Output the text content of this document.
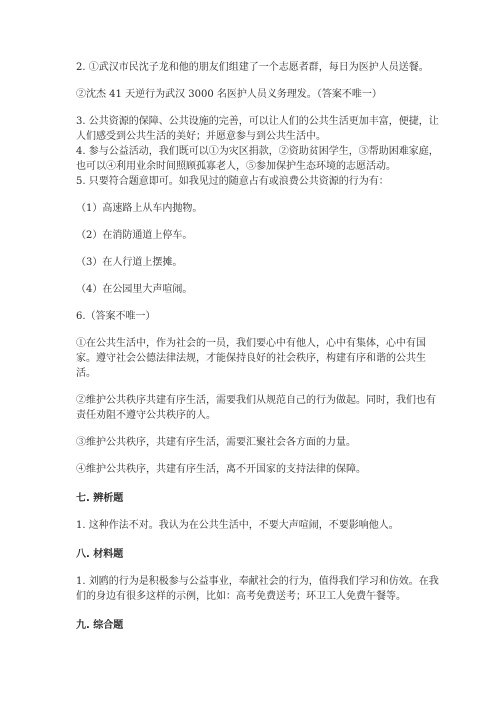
2. ①武汉市民沈子龙和他的朋友们组建了一个志愿者群，每日为医护人员送餐。

②沈杰 41 天逆行为武汉 3000 名医护人员义务理发。（答案不唯一）

3. 公共资源的保障、公共设施的完善，可以让人们的公共生活更加丰富，便捷，让人们感受到公共生活的美好；并愿意参与到公共生活中。

4. 参与公益活动，我们既可以①为灾区捐款，②资助贫困学生，③帮助困难家庭，也可以④利用业余时间照顾孤寡老人，⑤参加保护生态环境的志愿活动。

5. 只要符合题意即可。如我见过的随意占有或浪费公共资源的行为有：

（1）高速路上从车内抛物。

（2）在消防通道上停车。

（3）在人行道上摆摊。

（4）在公园里大声喧闹。

6.（答案不唯一）

①在公共生活中，作为社会的一员，我们要心中有他人，心中有集体，心中有国家。遵守社会公德法律法规，才能保持良好的社会秩序，构建有序和谐的公共生活。

②维护公共秩序共建有序生活，需要我们从规范自己的行为做起。同时，我们也有责任劝阻不遵守公共秩序的人。

③维护公共秩序，共建有序生活，需要汇聚社会各方面的力量。

④维护公共秩序，共建有序生活，离不开国家的支持法律的保障。

七. 辨析题

1. 这种作法不对。我认为在公共生活中，不要大声喧闹，不要影响他人。

八. 材料题

1. 刘鸥的行为是积极参与公益事业，奉献社会的行为，值得我们学习和仿效。在我们的身边有很多这样的示例，比如：高考免费送考；环卫工人免费午餐等。

九. 综合题
